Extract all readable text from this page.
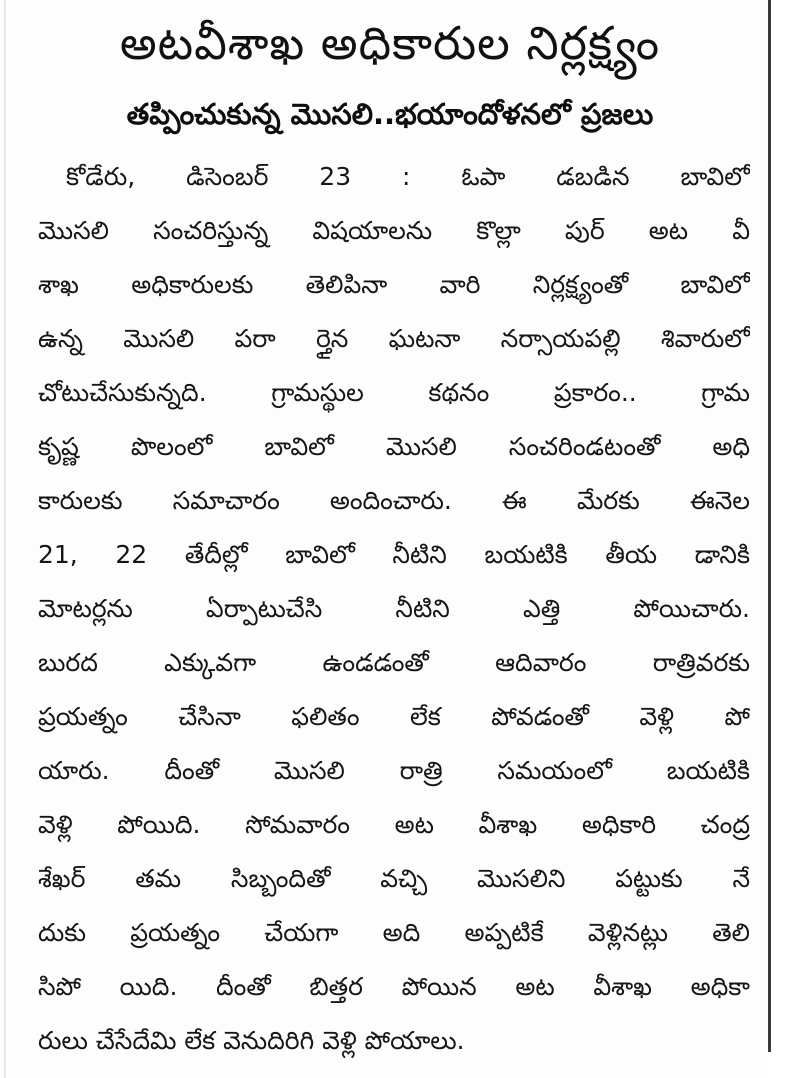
అటవీశాఖ అధికారుల నిర్లక్ష్యం
తప్పించుకున్న మొసలి..భయాందోళనలో ప్రజలు
కోడేరు, డిసెంబర్ 23 : ఓపా డబడిన బావిలో
మొసలి సంచరిస్తున్న విషయాలను కొల్లా పుర్ అట వీ
శాఖ అధికారులకు తెలిపినా వారి నిర్లక్ష్యంతో బావిలో
ఉన్న మొసలి పరా ర్తైన ఘటనా నర్సాయపల్లి శివారులో
చోటుచేసుకున్నది. గ్రామస్థుల కథనం ప్రకారం.. గ్రామ
కృష్ణ పొలంలో బావిలో మొసలి సంచరిండటంతో అధి
కారులకు సమాచారం అందించారు. ఈ మేరకు ఈనెల
21, 22 తేదీల్లో బావిలో నీటిని బయటికి తీయ డానికి
మోటర్లను ఏర్పాటుచేసి నీటిని ఎత్తి పోయిచారు.
బురద ఎక్కువగా ఉండడంతో ఆదివారం రాత్రివరకు
ప్రయత్నం చేసినా ఫలితం లేక పోవడంతో వెళ్లి పో
యారు. దీంతో మొసలి రాత్రి సమయంలో బయటికి
వెళ్లి పోయిది. సోమవారం అట వీశాఖ అధికారి చంద్ర
శేఖర్ తమ సిబ్బందితో వచ్చి మొసలిని పట్టుకు నే
దుకు ప్రయత్నం చేయగా అది అప్పటికే వెళ్లినట్లు తెలి
సిపో యిది. దీంతో బిత్తర పోయిన అట వీశాఖ అధికా
రులు చేసేదేమి లేక వెనుదిరిగి వెళ్లి పోయాలు.
